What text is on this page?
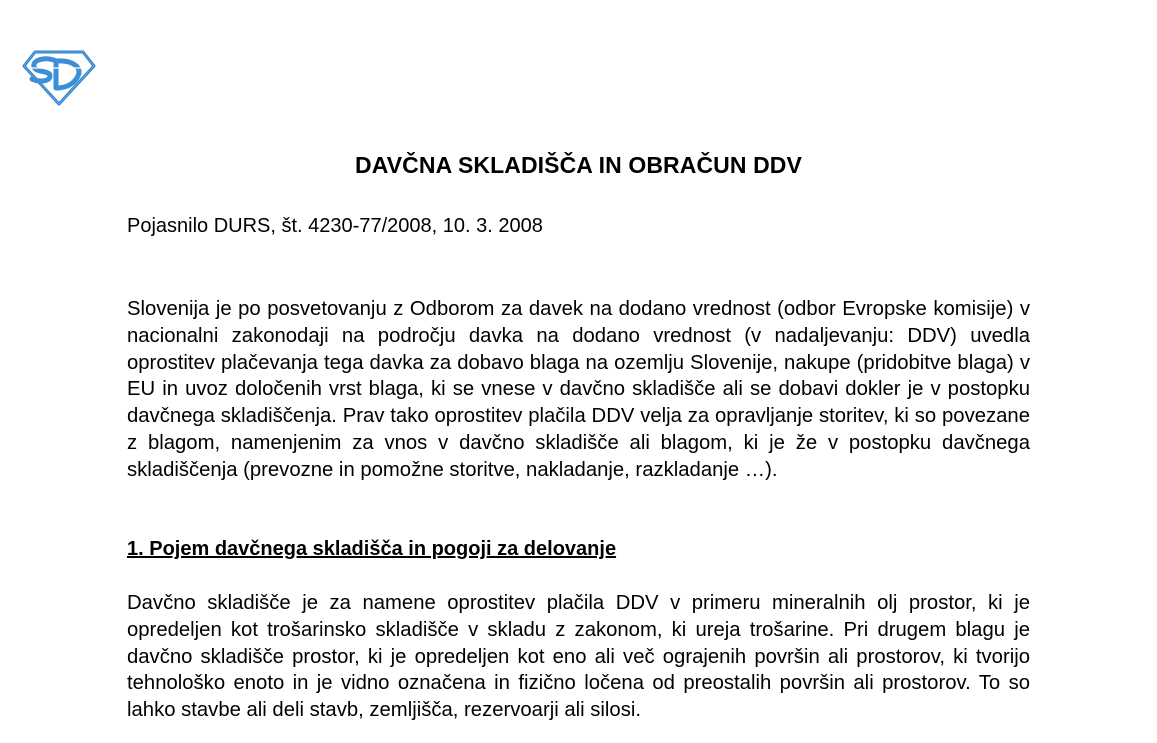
DAVČNA SKLADIŠČA IN OBRAČUN DDV

Pojasnilo DURS, št. 4230-77/2008, 10. 3. 2008

Slovenija je po posvetovanju z Odborom za davek na dodano vrednost (odbor Evropske komisije) v nacionalni zakonodaji na področju davka na dodano vrednost (v nadaljevanju: DDV) uvedla oprostitev plačevanja tega davka za dobavo blaga na ozemlju Slovenije, nakupe (pridobitve blaga) v EU in uvoz določenih vrst blaga, ki se vnese v davčno skladišče ali se dobavi dokler je v postopku davčnega skladiščenja. Prav tako oprostitev plačila DDV velja za opravljanje storitev, ki so povezane z blagom, namenjenim za vnos v davčno skladišče ali blagom, ki je že v postopku davčnega skladiščenja (prevozne in pomožne storitve, nakladanje, razkladanje …).

1. Pojem davčnega skladišča in pogoji za delovanje

Davčno skladišče je za namene oprostitev plačila DDV v primeru mineralnih olj prostor, ki je opredeljen kot trošarinsko skladišče v skladu z zakonom, ki ureja trošarine. Pri drugem blagu je davčno skladišče prostor, ki je opredeljen kot eno ali več ograjenih površin ali prostorov, ki tvorijo tehnološko enoto in je vidno označena in fizično ločena od preostalih površin ali prostorov. To so lahko stavbe ali deli stavb, zemljišča, rezervoarji ali silosi.
